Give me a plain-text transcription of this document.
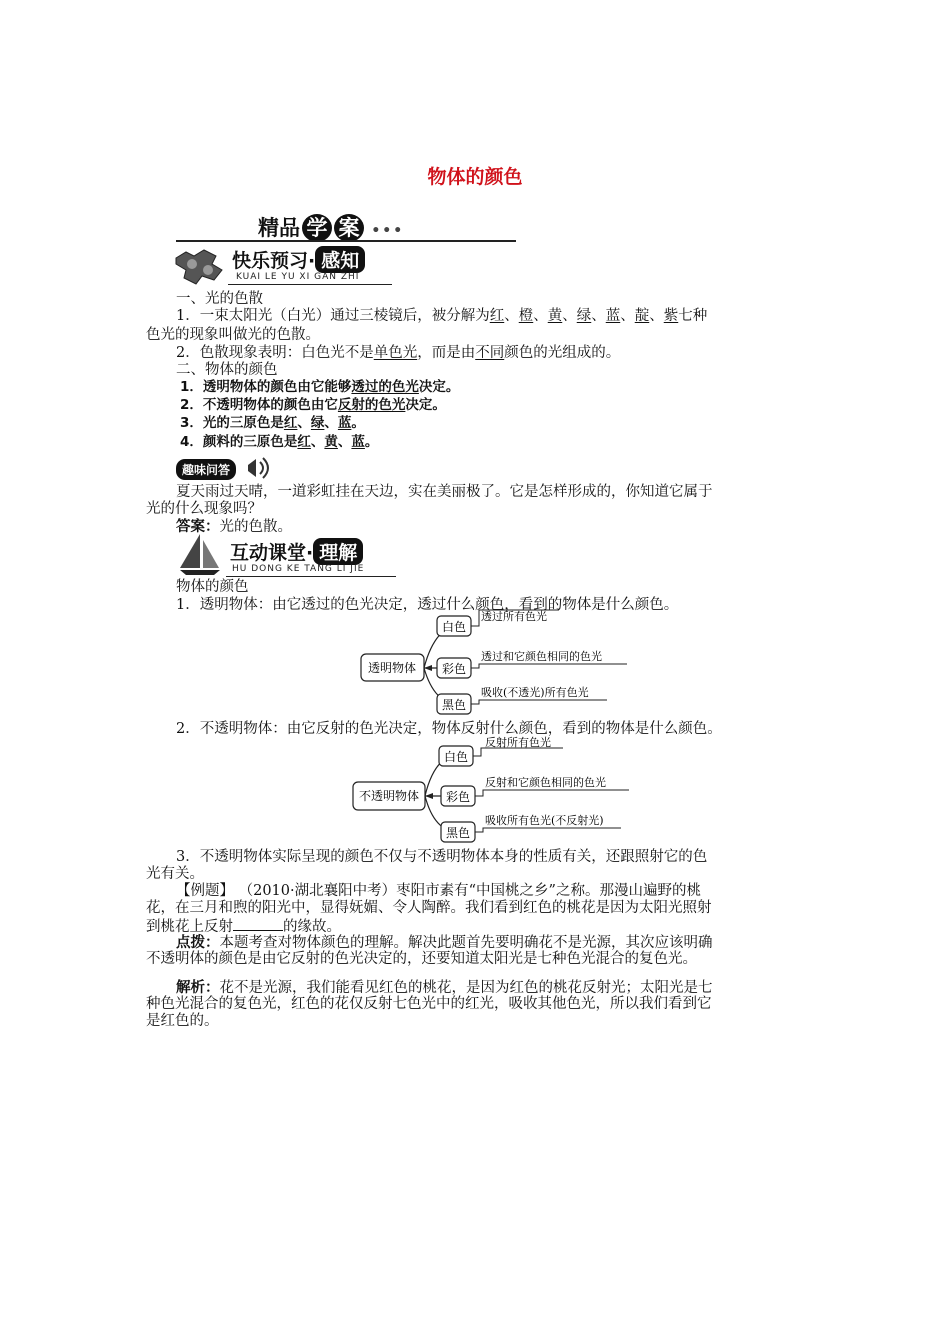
物体的颜色
精品 学 案 •••
快乐预习· 感知
KUAI LE YU XI GAN ZHI
一、光的色散
1．一束太阳光（白光）通过三棱镜后，被分解为红、橙、黄、绿、蓝、靛、紫七种
色光的现象叫做光的色散。
2．色散现象表明：白色光不是单色光，而是由不同颜色的光组成的。
二、物体的颜色
1．透明物体的颜色由它能够透过的色光决定。
2．不透明物体的颜色由它反射的色光决定。
3．光的三原色是红、绿、蓝。
4．颜料的三原色是红、黄、蓝。
趣味问答
夏天雨过天晴，一道彩虹挂在天边，实在美丽极了。它是怎样形成的，你知道它属于
光的什么现象吗？
答案：光的色散。
互动课堂· 理解
HU DONG KE TANG LI JIE
物体的颜色
1．透明物体：由它透过的色光决定，透过什么颜色，看到的物体是什么颜色。
透明物体
白色
彩色
黑色
透过所有色光
透过和它颜色相同的色光
吸收(不透光)所有色光
2．不透明物体：由它反射的色光决定，物体反射什么颜色，看到的物体是什么颜色。
不透明物体
白色
彩色
黑色
反射所有色光
反射和它颜色相同的色光
吸收所有色光(不反射光)
3．不透明物体实际呈现的颜色不仅与不透明物体本身的性质有关，还跟照射它的色
光有关。
【例题】 （2010·湖北襄阳中考）枣阳市素有“中国桃之乡”之称。那漫山遍野的桃
花，在三月和煦的阳光中，显得妩媚、令人陶醉。我们看到红色的桃花是因为太阳光照射
到桃花上反射	的缘故。
点拨：本题考查对物体颜色的理解。解决此题首先要明确花不是光源，其次应该明确
不透明体的颜色是由它反射的色光决定的，还要知道太阳光是七种色光混合的复色光。
解析：花不是光源，我们能看见红色的桃花，是因为红色的桃花反射光；太阳光是七
种色光混合的复色光，红色的花仅反射七色光中的红光，吸收其他色光，所以我们看到它
是红色的。
